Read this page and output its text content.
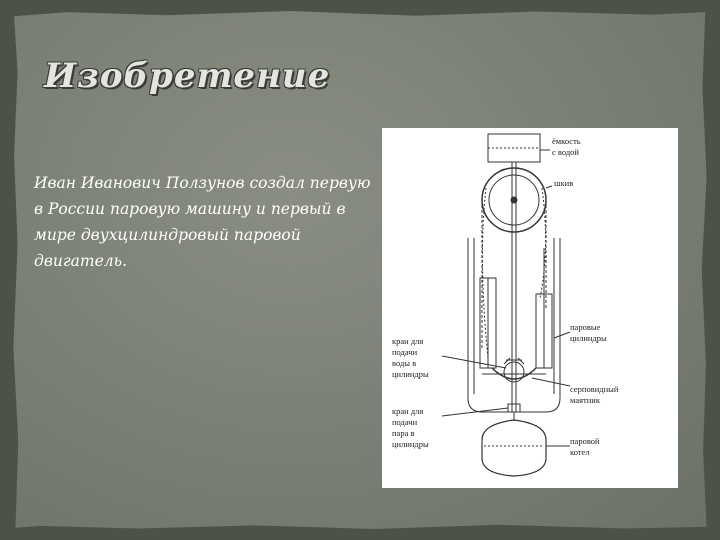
Изобретение

Иван Иванович Ползунов создал первую в России паровую машину и первый в мире двухцилиндровый паровой двигатель.

ёмкость
с водой
шкив
паровые
цилиндры
кран для
подачи
воды в
цилиндры
серповидный
маятник
кран для
подачи
пара в
цилиндры	паровой
котел
